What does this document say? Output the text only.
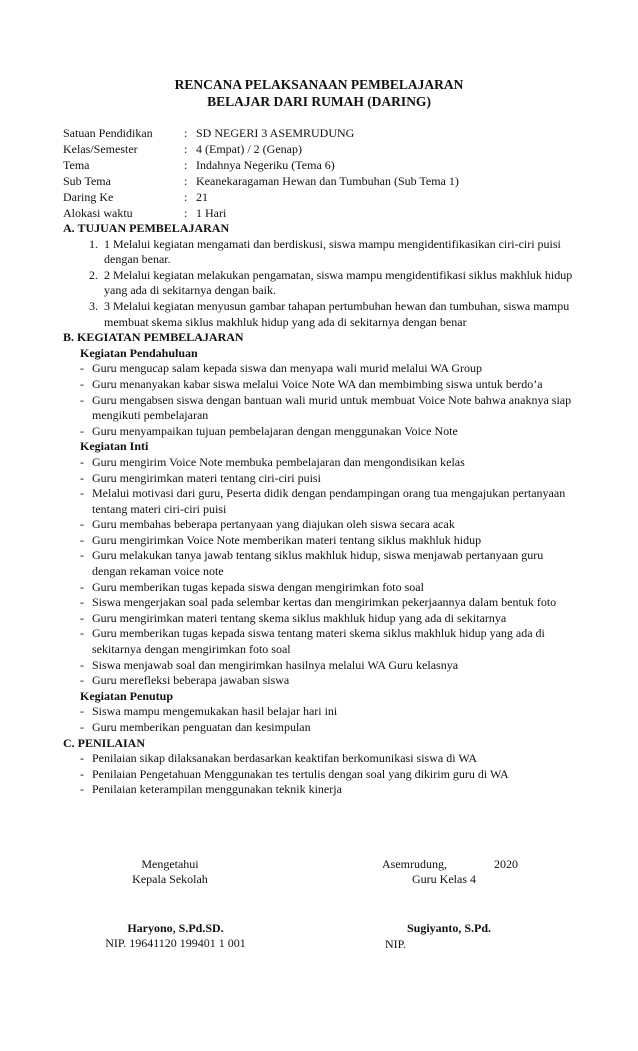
RENCANA PELAKSANAAN PEMBELAJARAN
BELAJAR DARI RUMAH (DARING)
Satuan Pendidikan	: SD NEGERI 3 ASEMRUDUNG
Kelas/Semester	: 4 (Empat) / 2 (Genap)
Tema	: Indahnya Negeriku (Tema 6)
Sub Tema	: Keanekaragaman Hewan dan Tumbuhan (Sub Tema 1)
Daring Ke	: 21
Alokasi waktu	: 1 Hari
A. TUJUAN PEMBELAJARAN
1. 1 Melalui kegiatan mengamati dan berdiskusi, siswa mampu mengidentifikasikan ciri-ciri puisi dengan benar.
2. 2 Melalui kegiatan melakukan pengamatan, siswa mampu mengidentifikasi siklus makhluk hidup yang ada di sekitarnya dengan baik.
3. 3 Melalui kegiatan menyusun gambar tahapan pertumbuhan hewan dan tumbuhan, siswa mampu membuat skema siklus makhluk hidup yang ada di sekitarnya dengan benar
B. KEGIATAN PEMBELAJARAN
Kegiatan Pendahuluan
- Guru mengucap salam kepada siswa dan menyapa wali murid melalui WA Group
- Guru menanyakan kabar siswa melalui Voice Note WA dan membimbing siswa untuk berdo’a
- Guru mengabsen siswa dengan bantuan wali murid untuk membuat Voice Note bahwa anaknya siap mengikuti pembelajaran
- Guru menyampaikan tujuan pembelajaran dengan menggunakan Voice Note
Kegiatan Inti
- Guru mengirim Voice Note membuka pembelajaran dan mengondisikan kelas
- Guru mengirimkan materi tentang ciri-ciri puisi
- Melalui motivasi dari guru, Peserta didik dengan pendampingan orang tua mengajukan pertanyaan tentang materi ciri-ciri puisi
- Guru membahas beberapa pertanyaan yang diajukan oleh siswa secara acak
- Guru mengirimkan Voice Note memberikan materi tentang siklus makhluk hidup
- Guru melakukan tanya jawab tentang siklus makhluk hidup, siswa menjawab pertanyaan guru dengan rekaman voice note
- Guru memberikan tugas kepada siswa dengan mengirimkan foto soal
- Siswa mengerjakan soal pada selembar kertas dan mengirimkan pekerjaannya dalam bentuk foto
- Guru mengirimkan materi tentang skema siklus makhluk hidup yang ada di sekitarnya
- Guru memberikan tugas kepada siswa tentang materi skema siklus makhluk hidup yang ada di sekitarnya dengan mengirimkan foto soal
- Siswa menjawab soal dan mengirimkan hasilnya melalui WA Guru kelasnya
- Guru merefleksi beberapa jawaban siswa
Kegiatan Penutup
- Siswa mampu mengemukakan hasil belajar hari ini
- Guru memberikan penguatan dan kesimpulan
C. PENILAIAN
- Penilaian sikap dilaksanakan berdasarkan keaktifan berkomunikasi siswa di WA
- Penilaian Pengetahuan Menggunakan tes tertulis dengan soal yang dikirim guru di WA
- Penilaian keterampilan menggunakan teknik kinerja
Mengetahui
Kepala Sekolah
Haryono, S.Pd.SD.
NIP. 19641120 199401 1 001
Asemrudung,	2020
Guru Kelas 4
Sugiyanto, S.Pd.
NIP.
